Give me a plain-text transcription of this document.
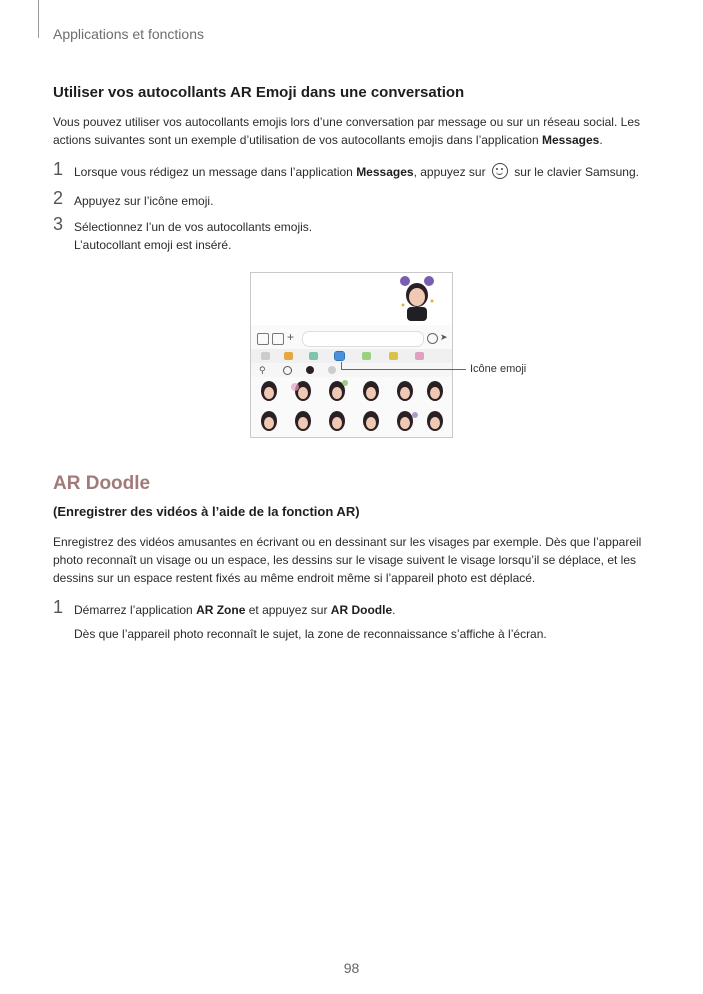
Applications et fonctions
Utiliser vos autocollants AR Emoji dans une conversation

Vous pouvez utiliser vos autocollants emojis lors d’une conversation par message ou sur un réseau social. Les
actions suivantes sont un exemple d’utilisation de vos autocollants emojis dans l’application Messages.

1 Lorsque vous rédigez un message dans l’application Messages, appuyez sur  sur le clavier Samsung.
2 Appuyez sur l’icône emoji.
3 Sélectionnez l’un de vos autocollants emojis.
L’autocollant emoji est inséré.
+	➤
⚲	Icône emoji
AR Doodle
(Enregistrer des vidéos à l’aide de la fonction AR)

Enregistrez des vidéos amusantes en écrivant ou en dessinant sur les visages par exemple. Dès que l’appareil
photo reconnaît un visage ou un espace, les dessins sur le visage suivent le visage lorsqu’il se déplace, et les
dessins sur un espace restent fixés au même endroit même si l’appareil photo est déplacé.

1 Démarrez l’application AR Zone et appuyez sur AR Doodle.
Dès que l’appareil photo reconnaît le sujet, la zone de reconnaissance s’affiche à l’écran.
98
